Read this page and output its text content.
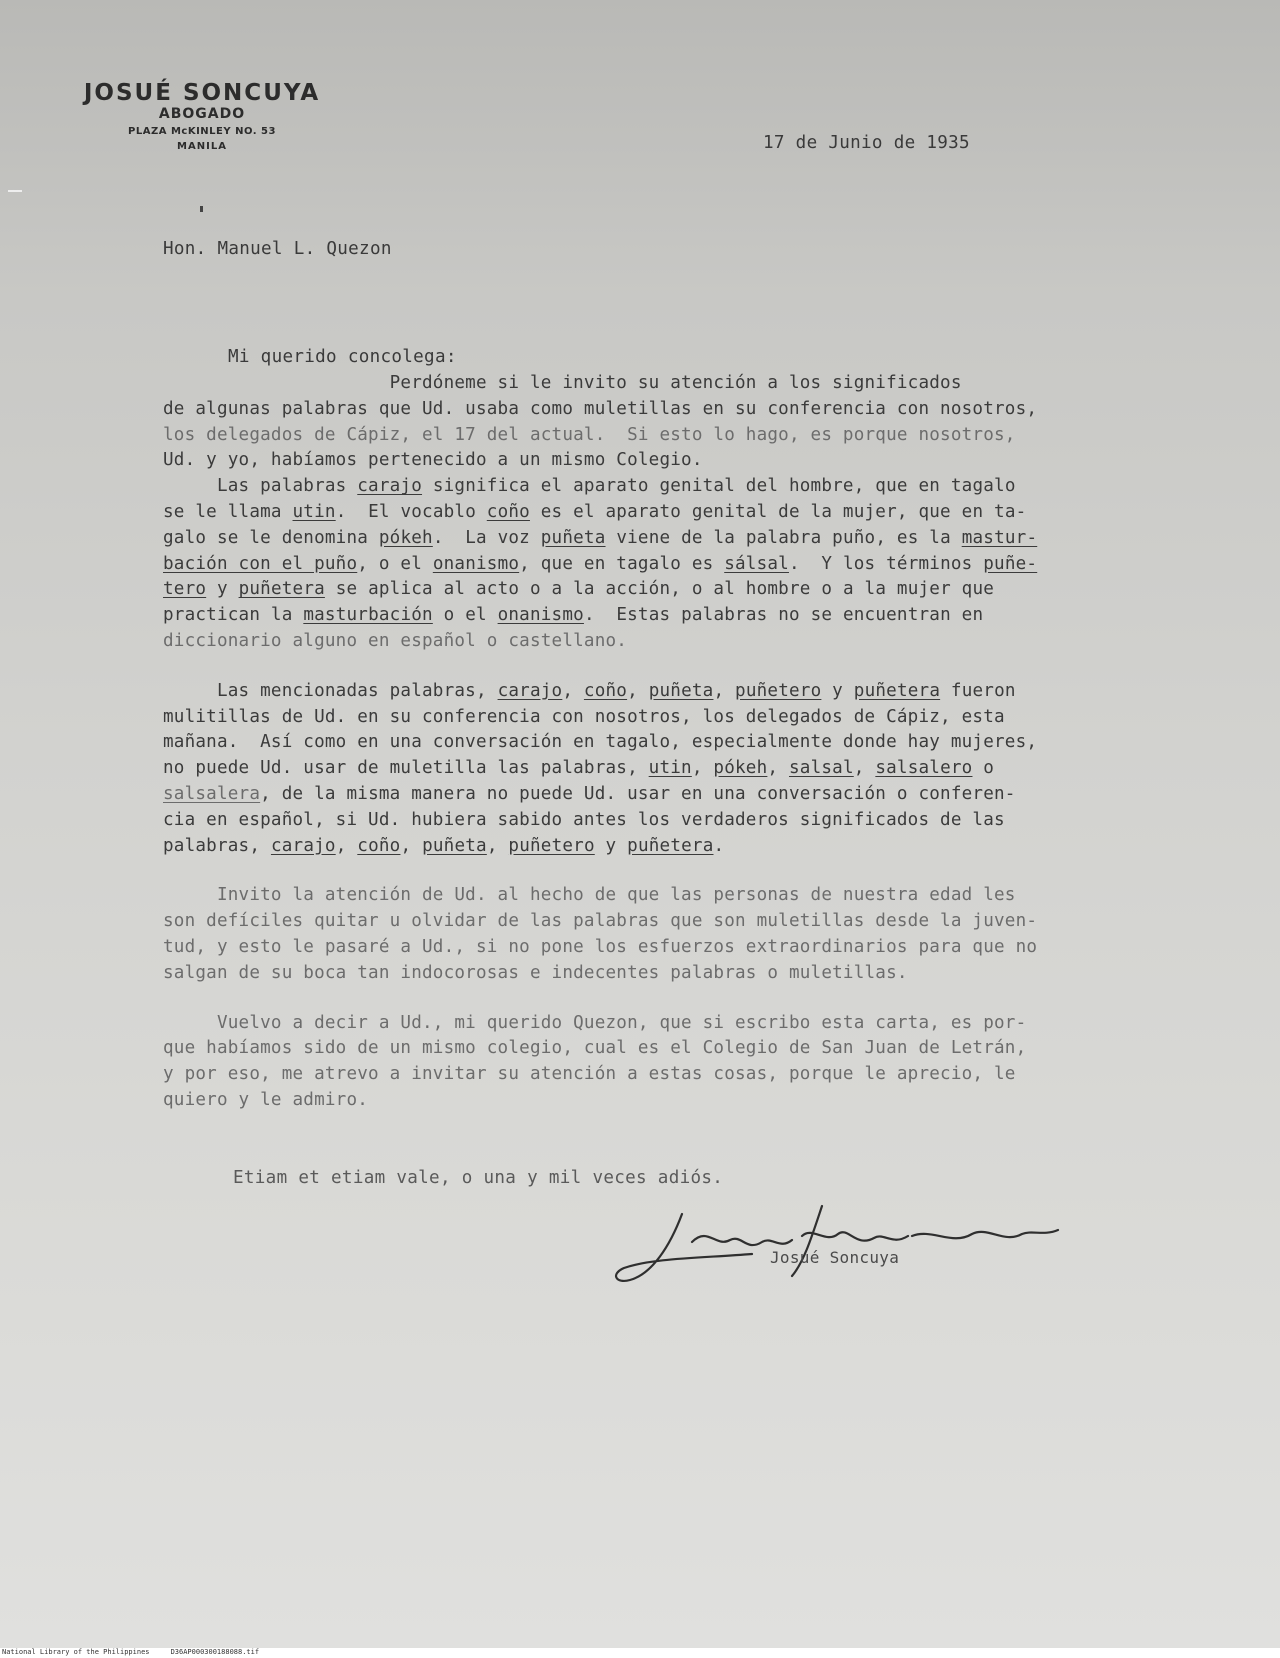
JOSUÉ SONCUYA
ABOGADO
PLAZA McKINLEY NO. 53
MANILA	17 de Junio de 1935
Hon. Manuel L. Quezon
Mi querido concolega:
Perdóneme si le invito su atención a los significados
de algunas palabras que Ud. usaba como muletillas en su conferencia con nosotros,
los delegados de Cápiz, el 17 del actual.  Si esto lo hago, es porque nosotros,
Ud. y yo, habíamos pertenecido a un mismo Colegio.
Las palabras carajo significa el aparato genital del hombre, que en tagalo
se le llama utin.  El vocablo coño es el aparato genital de la mujer, que en ta-
galo se le denomina pókeh.  La voz puñeta viene de la palabra puño, es la mastur-
bación con el puño, o el onanismo, que en tagalo es sálsal.  Y los términos puñe-
tero y puñetera se aplica al acto o a la acción, o al hombre o a la mujer que
practican la masturbación o el onanismo.  Estas palabras no se encuentran en
diccionario alguno en español o castellano.
Las mencionadas palabras, carajo, coño, puñeta, puñetero y puñetera fueron
mulitillas de Ud. en su conferencia con nosotros, los delegados de Cápiz, esta
mañana.  Así como en una conversación en tagalo, especialmente donde hay mujeres,
no puede Ud. usar de muletilla las palabras, utin, pókeh, salsal, salsalero o
salsalera, de la misma manera no puede Ud. usar en una conversación o conferen-
cia en español, si Ud. hubiera sabido antes los verdaderos significados de las
palabras, carajo, coño, puñeta, puñetero y puñetera.
Invito la atención de Ud. al hecho de que las personas de nuestra edad les
son defíciles quitar u olvidar de las palabras que son muletillas desde la juven-
tud, y esto le pasaré a Ud., si no pone los esfuerzos extraordinarios para que no
salgan de su boca tan indocorosas e indecentes palabras o muletillas.
Vuelvo a decir a Ud., mi querido Quezon, que si escribo esta carta, es por-
que habíamos sido de un mismo colegio, cual es el Colegio de San Juan de Letrán,
y por eso, me atrevo a invitar su atención a estas cosas, porque le aprecio, le
quiero y le admiro.
Etiam et etiam vale, o una y mil veces adiós.
Josué Soncuya
National Library of the Philippines     D36AP000300188088.tif
